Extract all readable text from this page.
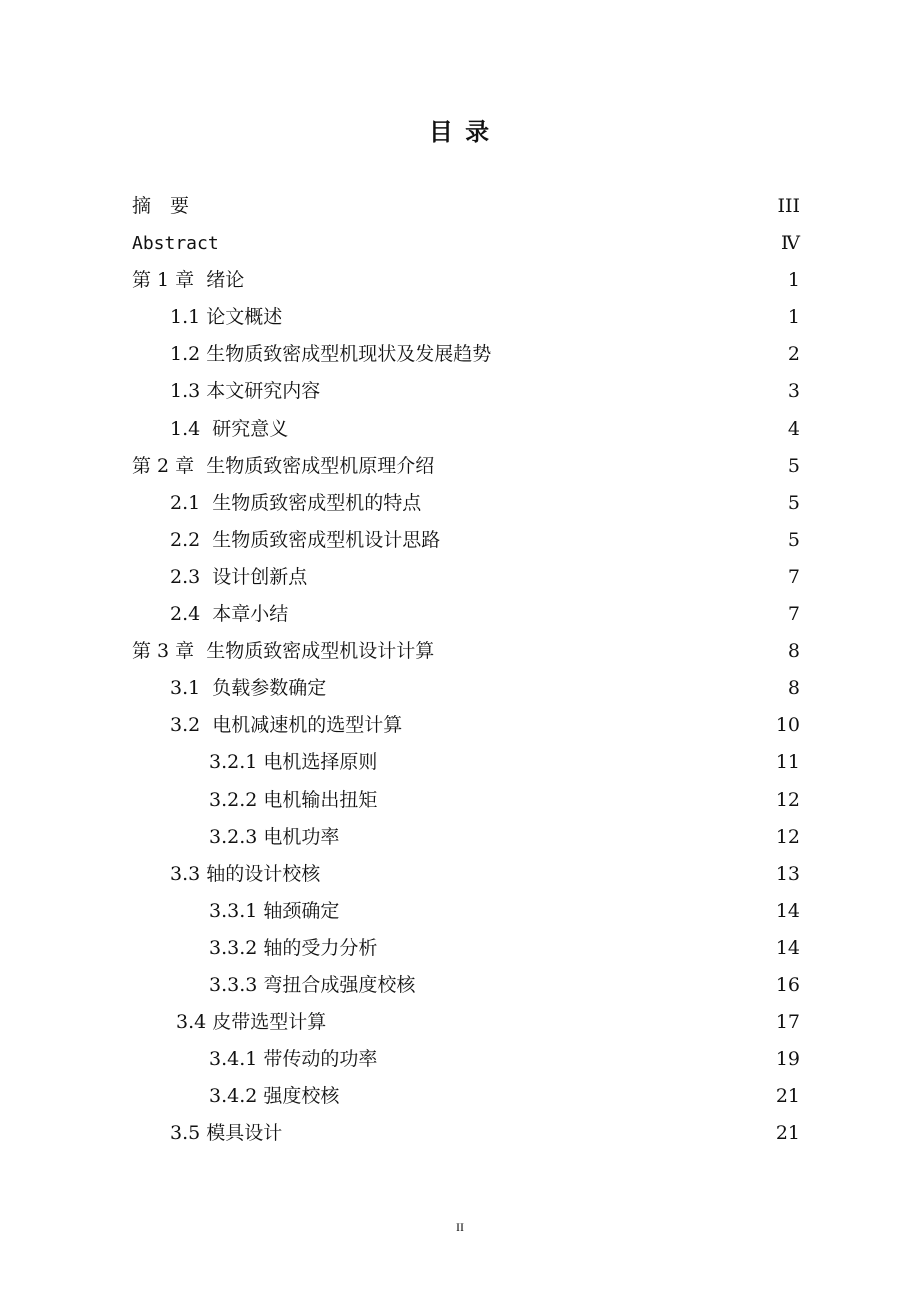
目 录
摘　要	III
Abstract	Ⅳ
第 1 章  绪论	1
1.1 论文概述	1
1.2 生物质致密成型机现状及发展趋势	2
1.3 本文研究内容	3
1.4  研究意义	4
第 2 章  生物质致密成型机原理介绍	5
2.1  生物质致密成型机的特点	5
2.2  生物质致密成型机设计思路	5
2.3  设计创新点	7
2.4  本章小结	7
第 3 章  生物质致密成型机设计计算	8
3.1  负载参数确定	8
3.2  电机减速机的选型计算	10
3.2.1 电机选择原则	11
3.2.2 电机输出扭矩	12
3.2.3 电机功率	12
3.3 轴的设计校核	13
3.3.1 轴颈确定	14
3.3.2 轴的受力分析	14
3.3.3 弯扭合成强度校核	16
3.4 皮带选型计算	17
3.4.1 带传动的功率	19
3.4.2 强度校核	21
3.5 模具设计	21
II
